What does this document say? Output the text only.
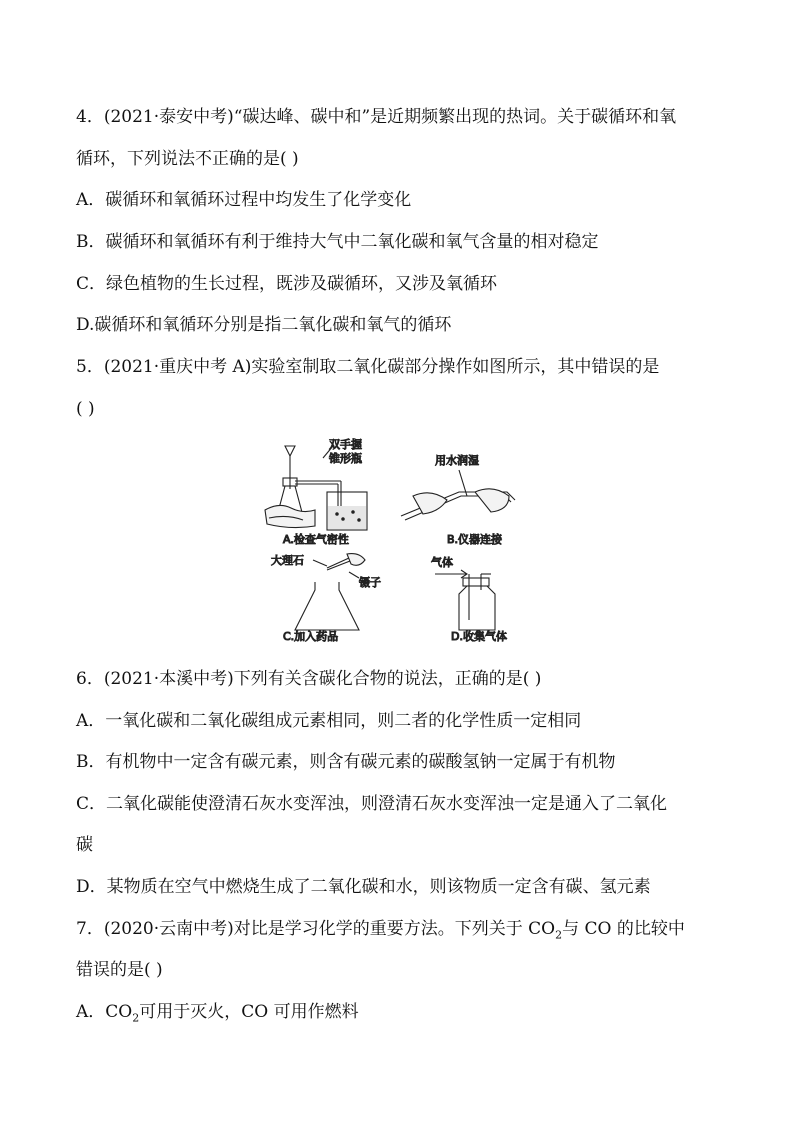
4．(2021·泰安中考)“碳达峰、碳中和”是近期频繁出现的热词。关于碳循环和氧
循环，下列说法不正确的是( )
A．碳循环和氧循环过程中均发生了化学变化
B．碳循环和氧循环有利于维持大气中二氧化碳和氧气含量的相对稳定
C．绿色植物的生长过程，既涉及碳循环，又涉及氧循环
D.碳循环和氧循环分别是指二氧化碳和氧气的循环
5．(2021·重庆中考 A)实验室制取二氧化碳部分操作如图所示，其中错误的是
( )
双手握
锥形瓶
A.检查气密性
用水润湿
B.仪器连接
大理石
镊子
C.加入药品
气体
D.收集气体
6．(2021·本溪中考)下列有关含碳化合物的说法，正确的是( )
A．一氧化碳和二氧化碳组成元素相同，则二者的化学性质一定相同
B．有机物中一定含有碳元素，则含有碳元素的碳酸氢钠一定属于有机物
C．二氧化碳能使澄清石灰水变浑浊，则澄清石灰水变浑浊一定是通入了二氧化
碳
D．某物质在空气中燃烧生成了二氧化碳和水，则该物质一定含有碳、氢元素
7．(2020·云南中考)对比是学习化学的重要方法。下列关于 $CO_2$与 CO 的比较中
错误的是( )
A．$CO_2$可用于灭火，CO 可用作燃料
